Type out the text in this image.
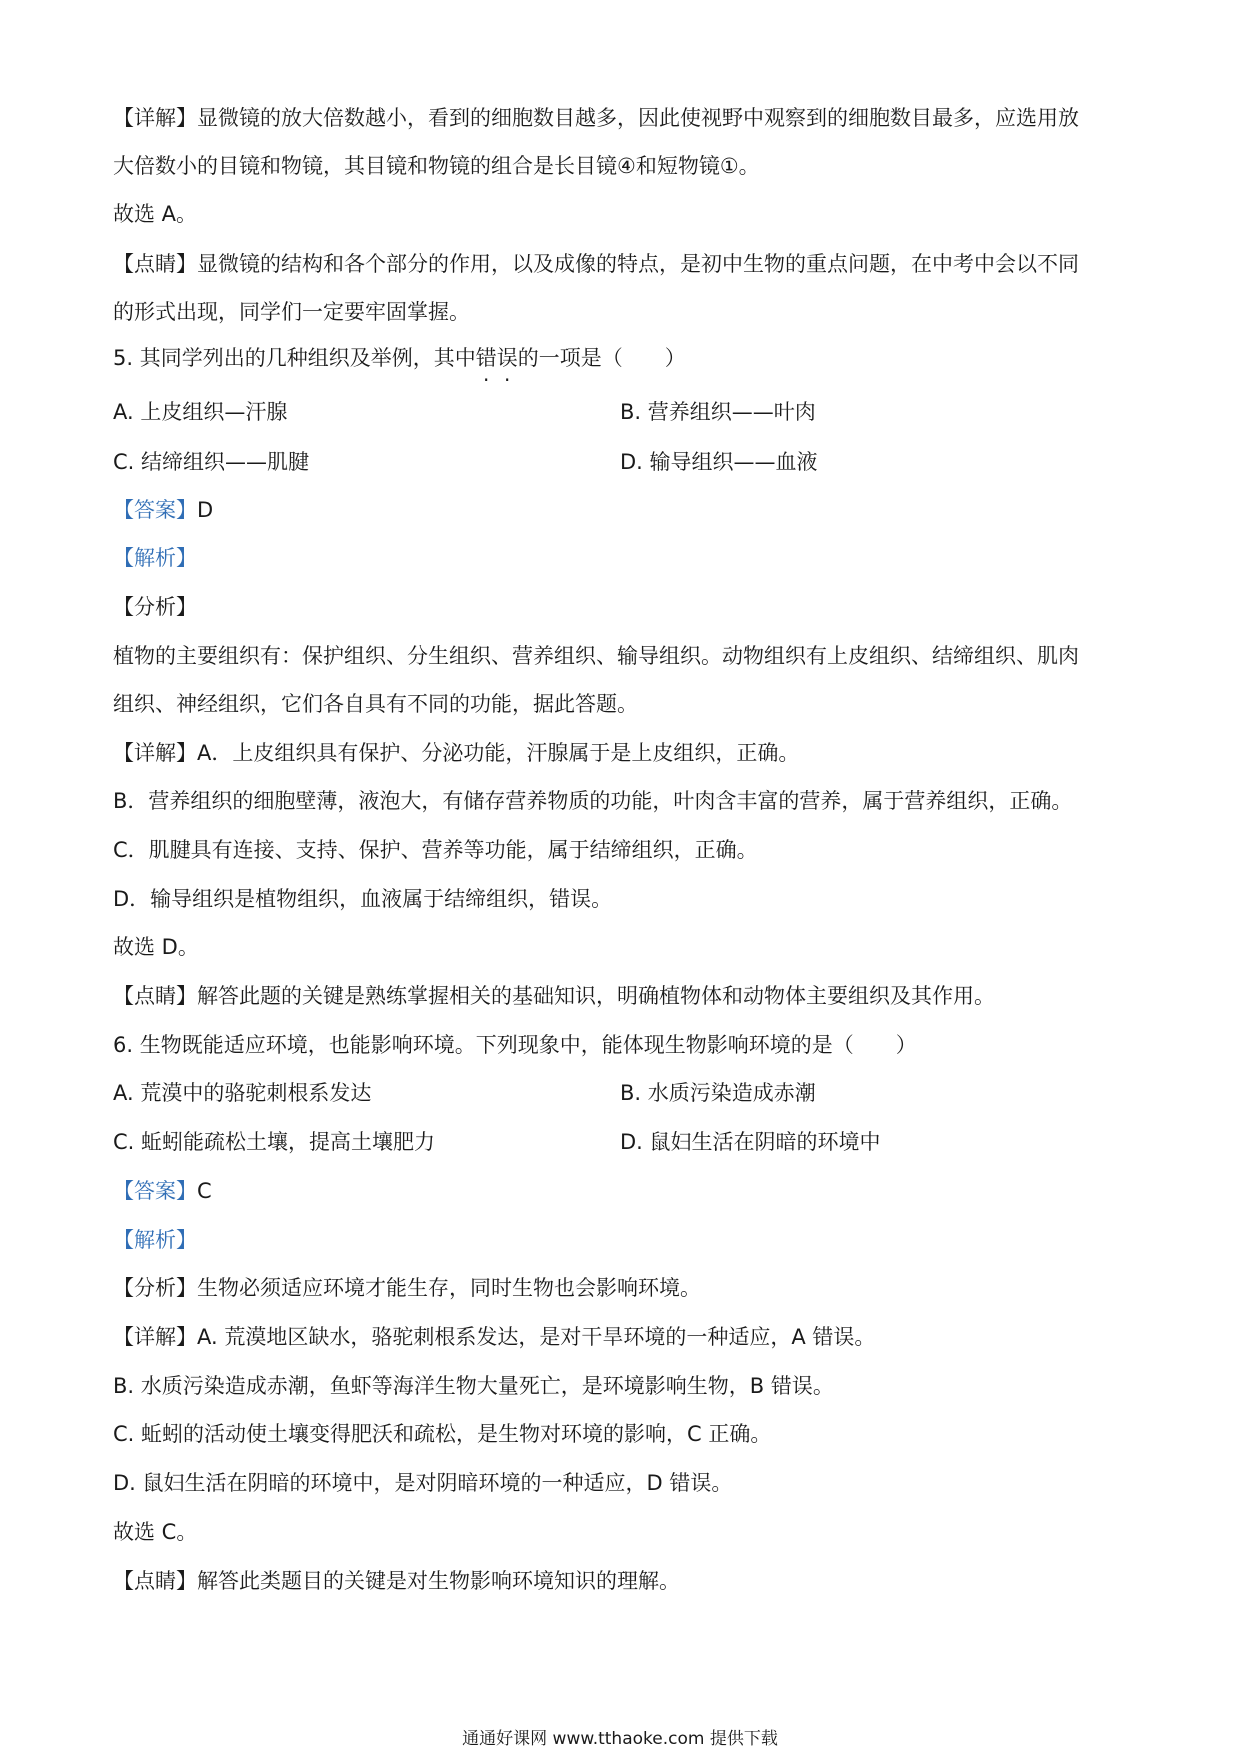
【详解】显微镜的放大倍数越小，看到的细胞数目越多，因此使视野中观察到的细胞数目最多，应选用放
大倍数小的目镜和物镜，其目镜和物镜的组合是长目镜④和短物镜①。
故选 A。
【点睛】显微镜的结构和各个部分的作用，以及成像的特点，是初中生物的重点问题，在中考中会以不同
的形式出现，同学们一定要牢固掌握。
5. 其同学列出的几种组织及举例，其中错误的一项是（　　）
A. 上皮组织—汗腺	B. 营养组织——叶肉
C. 结缔组织——肌腱	D. 输导组织——血液
【答案】D
【解析】
【分析】
植物的主要组织有：保护组织、分生组织、营养组织、输导组织。动物组织有上皮组织、结缔组织、肌肉
组织、神经组织，它们各自具有不同的功能，据此答题。
【详解】A．上皮组织具有保护、分泌功能，汗腺属于是上皮组织，正确。
B．营养组织的细胞壁薄，液泡大，有储存营养物质的功能，叶肉含丰富的营养，属于营养组织，正确。
C．肌腱具有连接、支持、保护、营养等功能，属于结缔组织，正确。
D．输导组织是植物组织，血液属于结缔组织，错误。
故选 D。
【点睛】解答此题的关键是熟练掌握相关的基础知识，明确植物体和动物体主要组织及其作用。
6. 生物既能适应环境，也能影响环境。下列现象中，能体现生物影响环境的是（　　）
A. 荒漠中的骆驼刺根系发达	B. 水质污染造成赤潮
C. 蚯蚓能疏松土壤，提高土壤肥力	D. 鼠妇生活在阴暗的环境中
【答案】C
【解析】
【分析】生物必须适应环境才能生存，同时生物也会影响环境。
【详解】A. 荒漠地区缺水，骆驼刺根系发达，是对干旱环境的一种适应，A 错误。
B. 水质污染造成赤潮，鱼虾等海洋生物大量死亡，是环境影响生物，B 错误。
C. 蚯蚓的活动使土壤变得肥沃和疏松，是生物对环境的影响，C 正确。
D. 鼠妇生活在阴暗的环境中，是对阴暗环境的一种适应，D 错误。
故选 C。
【点睛】解答此类题目的关键是对生物影响环境知识的理解。
通通好课网 www.tthaoke.com 提供下载
